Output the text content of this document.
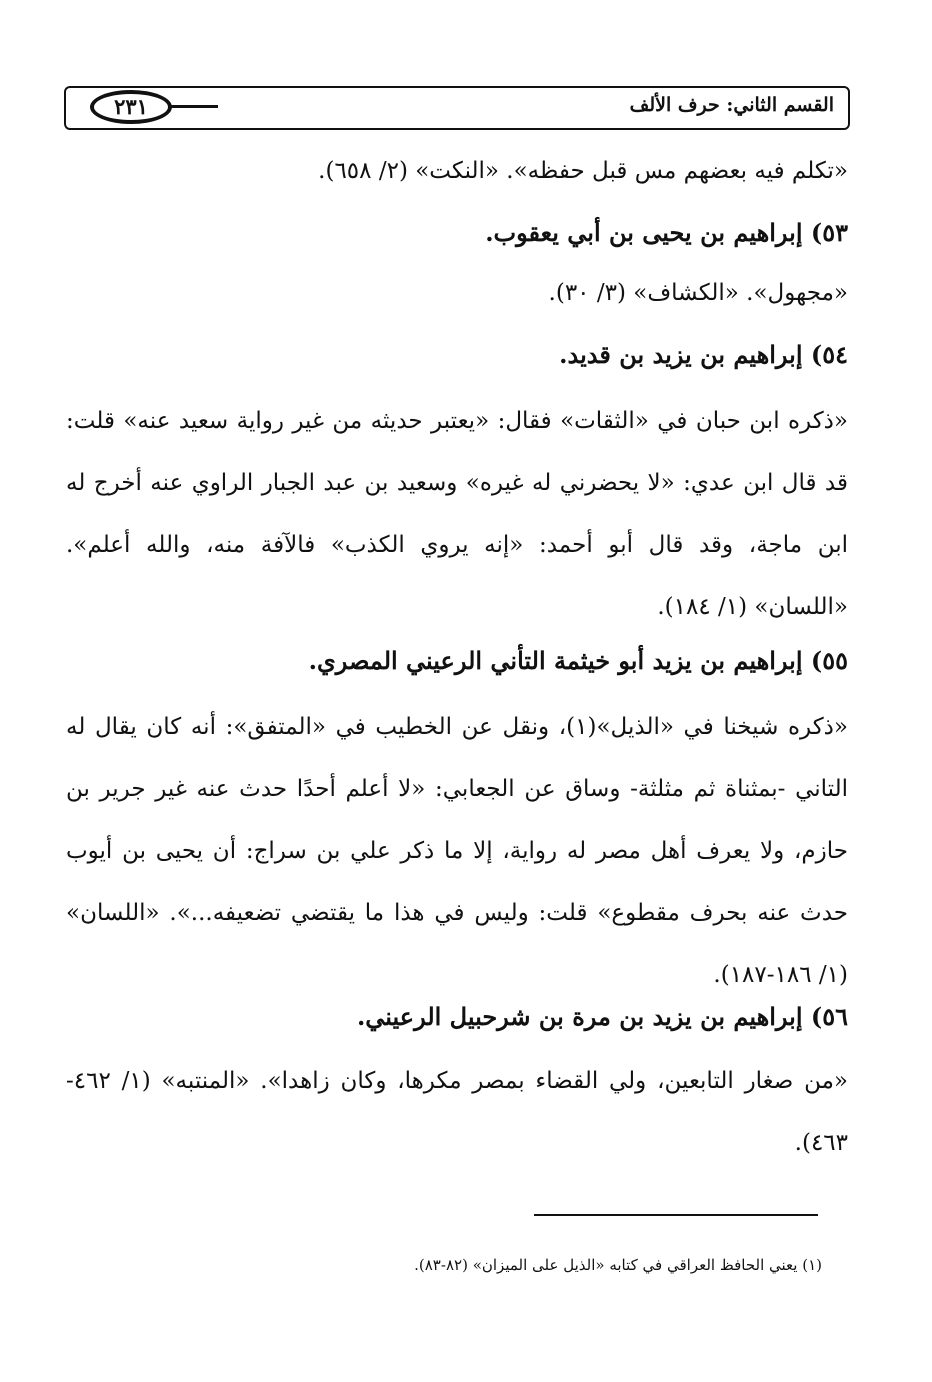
القسم الثاني: حرف الألف
٢٣١
«تكلم فيه بعضهم مس قبل حفظه». «النكت» (٢/ ٦٥٨).
٥٣) إبراهيم بن يحيى بن أبي يعقوب.
«مجهول». «الكشاف» (٣/ ٣٠).
٥٤) إبراهيم بن يزيد بن قديد.
«ذكره ابن حبان في «الثقات» فقال: «يعتبر حديثه من غير رواية سعيد عنه» قلت: قد قال ابن عدي: «لا يحضرني له غيره» وسعيد بن عبد الجبار الراوي عنه أخرج له ابن ماجة، وقد قال أبو أحمد: «إنه يروي الكذب» فالآفة منه، والله أعلم». «اللسان» (١/ ١٨٤).
٥٥) إبراهيم بن يزيد أبو خيثمة التأني الرعيني المصري.
«ذكره شيخنا في «الذيل»(١)، ونقل عن الخطيب في «المتفق»: أنه كان يقال له التاني -بمثناة ثم مثلثة- وساق عن الجعابي: «لا أعلم أحدًا حدث عنه غير جرير بن حازم، ولا يعرف أهل مصر له رواية، إلا ما ذكر علي بن سراج: أن يحيى بن أيوب حدث عنه بحرف مقطوع» قلت: وليس في هذا ما يقتضي تضعيفه...». «اللسان» (١/ ١٨٦-١٨٧).
٥٦) إبراهيم بن يزيد بن مرة بن شرحبيل الرعيني.
«من صغار التابعين، ولي القضاء بمصر مكرها، وكان زاهدا». «المنتبه» (١/ ٤٦٢- ٤٦٣).
(١) يعني الحافظ العراقي في كتابه «الذيل على الميزان» (٨٢-٨٣).
